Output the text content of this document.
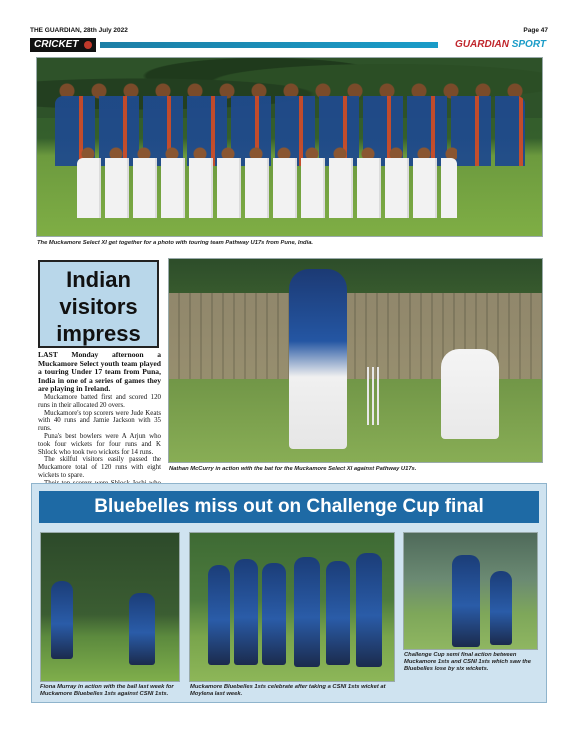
THE GUARDIAN, 28th July 2022	Page 47
CRICKET	GUARDIAN SPORT
The Muckamore Select XI get together for a photo with touring team Pathway U17s from Pune, India.
Indian
visitors
impress

LAST Monday afternoon a Muckamore Select youth team played a touring Under 17 team from Puna, India in one of a series of games they are playing in Ireland.

Muckamore batted first and scored 120 runs in their allocated 20 overs.

Muckamore's top scorers were Jude Keats with 40 runs and Jamie Jackson with 35 runs.

Puna's best bowlers were A Arjun who took four wickets for four runs and K Shlock who took two wickets for 14 runs.

The skilful visitors easily passed the Muckamore total of 120 runs with eight wickets to spare.

Nathan McCurry in action with the bat for the Muckamore Select XI against Pathway U17s.
Bluebelles miss out on Challenge Cup final
Fiona Murray in action with the ball last week for Muckamore Bluebelles 1sts against CSNI 1sts.
Muckamore Bluebelles 1sts celebrate after taking a CSNI 1sts wicket at Moylena last week.
Challenge Cup semi final action between Muckamore 1sts and CSNI 1sts which saw the Bluebelles lose by six wickets.
